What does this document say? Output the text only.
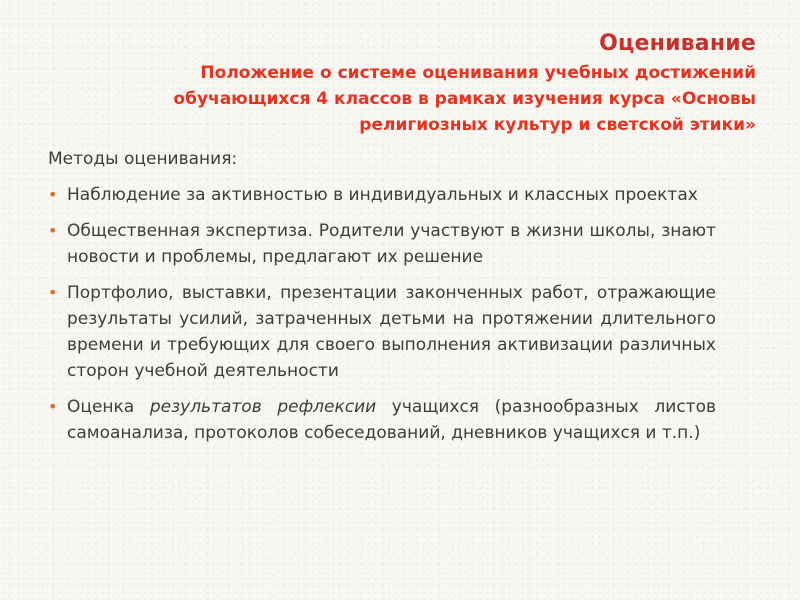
Оценивание

Положение о системе оценивания учебных достижений обучающихся 4 классов в рамках изучения курса «Основы религиозных культур и светской этики»

Методы оценивания:

• Наблюдение за активностью в индивидуальных и классных проектах
• Общественная экспертиза. Родители участвуют в жизни школы, знают новости и проблемы, предлагают их решение
• Портфолио, выставки, презентации законченных работ, отражающие результаты усилий, затраченных детьми на протяжении длительного времени и требующих для своего выполнения активизации различных сторон учебной деятельности
• Оценка результатов рефлексии учащихся (разнообразных листов самоанализа, протоколов собеседований, дневников учащихся и т.п.)
